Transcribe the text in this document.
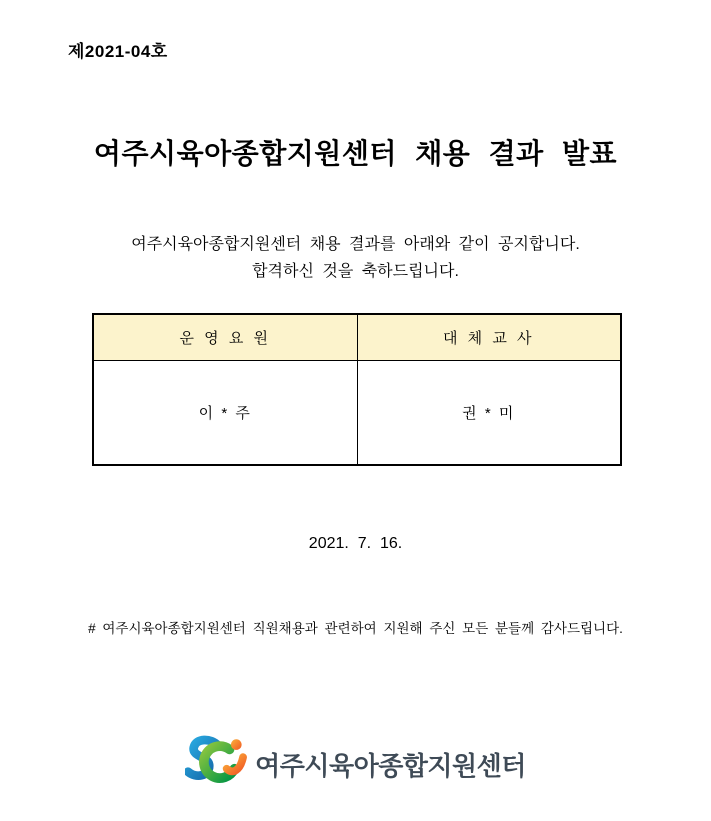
제2021-04호
여주시육아종합지원센터 채용 결과 발표
여주시육아종합지원센터 채용 결과를 아래와 같이 공지합니다.
합격하신 것을 축하드립니다.
운 영 요 원	대 체 교 사
이 * 주	권 * 미
2021.  7.  16.
# 여주시육아종합지원센터 직원채용과 관련하여 지원해 주신 모든 분들께 감사드립니다.
여주시육아종합지원센터
